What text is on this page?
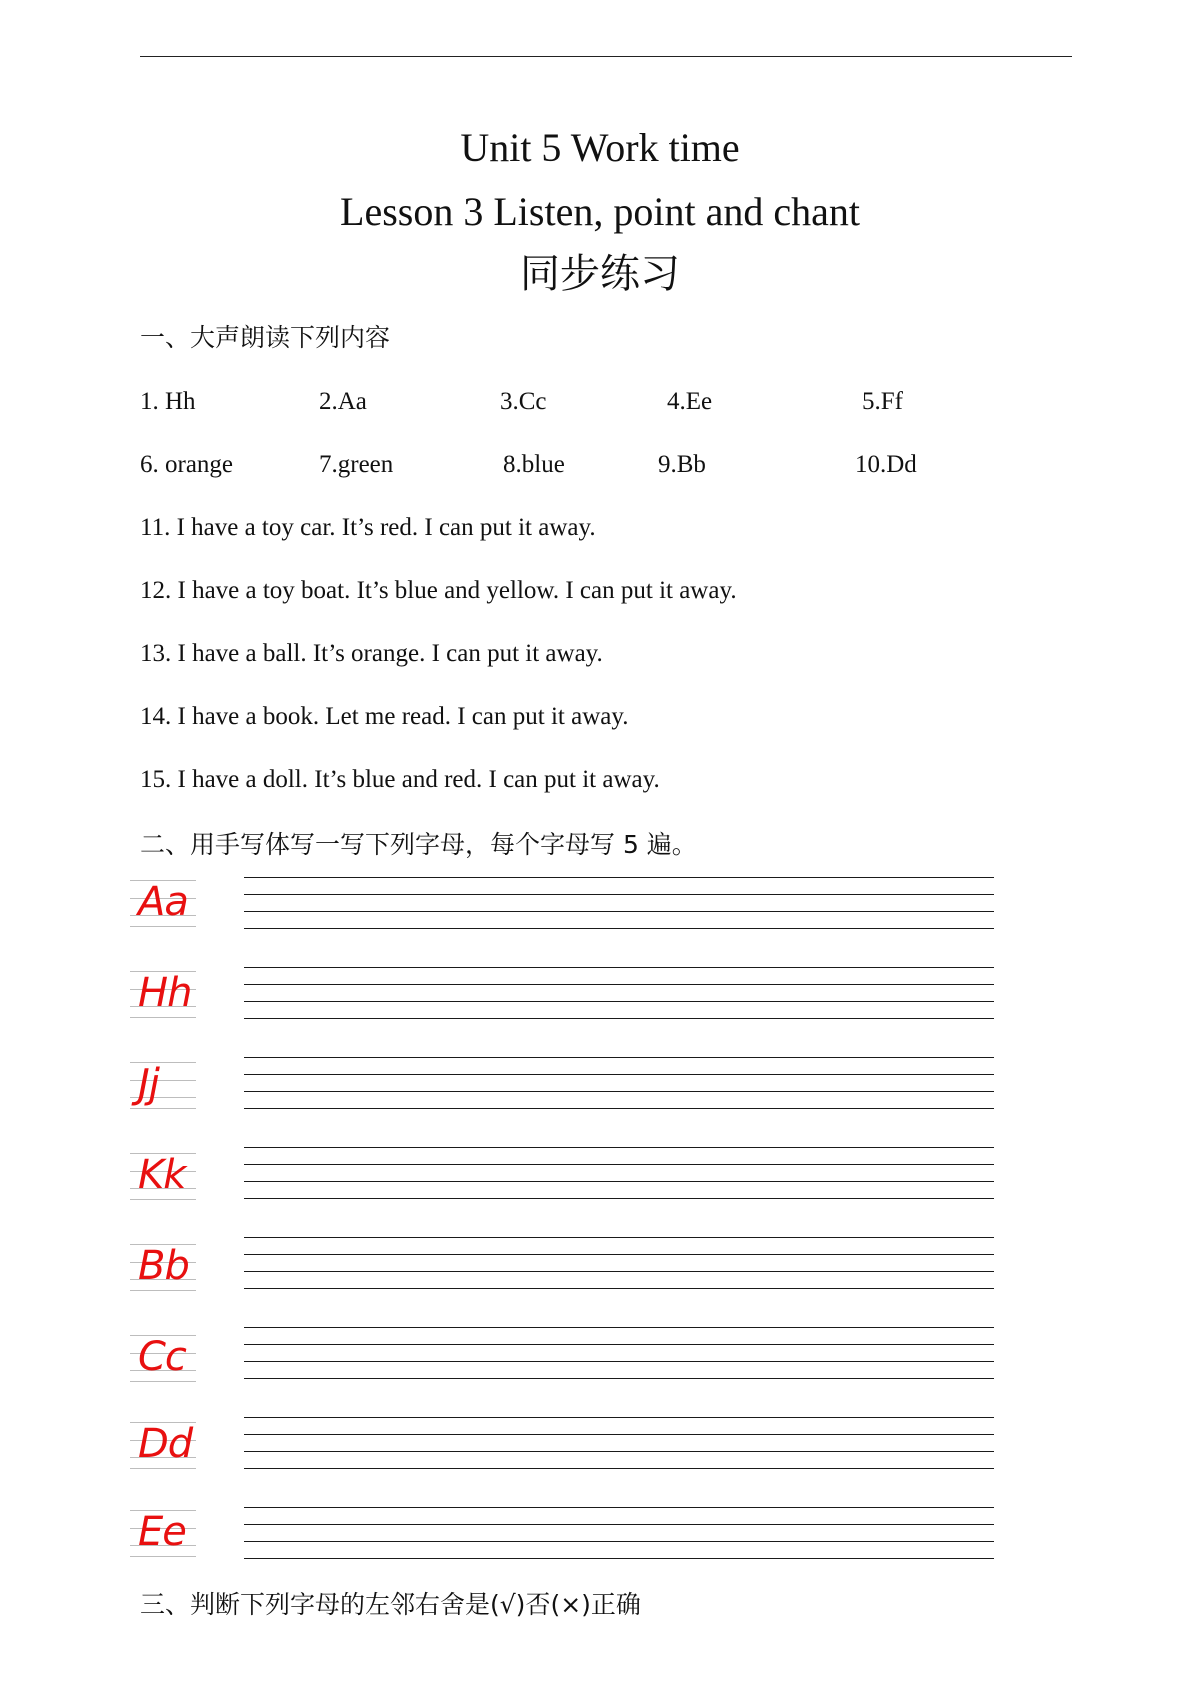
Unit 5 Work time
Lesson 3 Listen, point and chant
同步练习
一、大声朗读下列内容
1. Hh	2.Aa	3.Cc	4.Ee	5.Ff
6. orange	7.green	8.blue	9.Bb	10.Dd
11. I have a toy car. It’s red. I can put it away.
12. I have a toy boat. It’s blue and yellow. I can put it away.
13. I have a ball. It’s orange. I can put it away.
14. I have a book. Let me read. I can put it away.
15. I have a doll. It’s blue and red. I can put it away.
二、用手写体写一写下列字母，每个字母写 5 遍。
Aa
Hh
Jj
Kk
Bb
Cc
Dd
Ee
三、判断下列字母的左邻右舍是(√)否(×)正确
